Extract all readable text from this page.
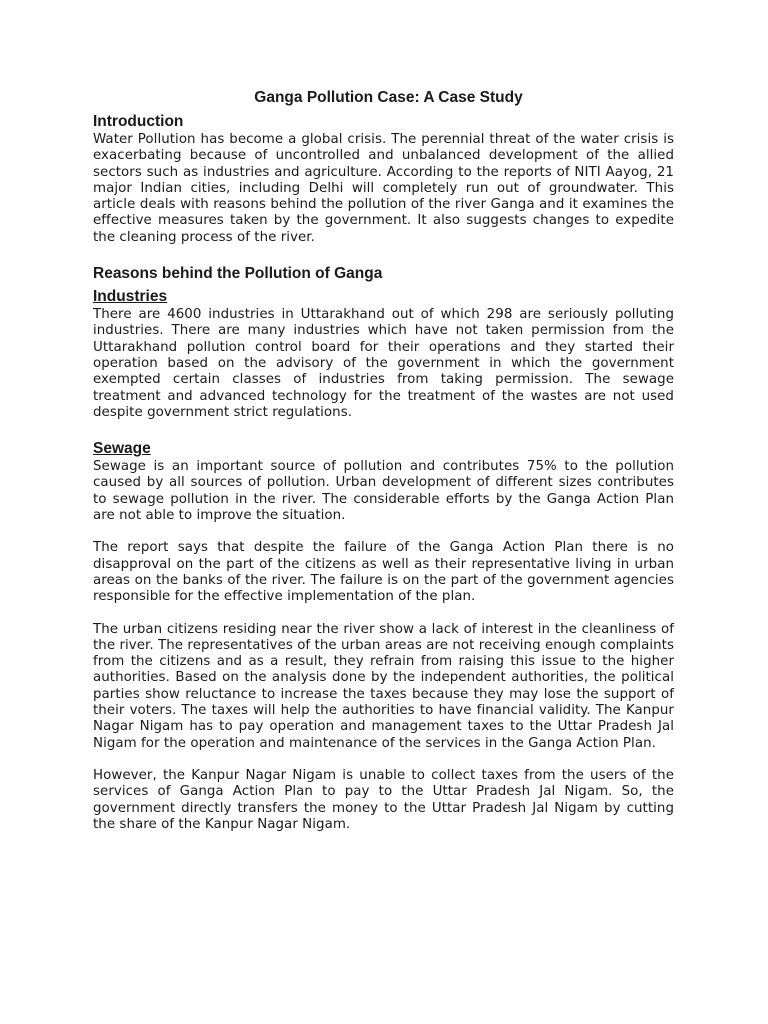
Ganga Pollution Case: A Case Study
Introduction

Water Pollution has become a global crisis. The perennial threat of the water crisis is exacerbating because of uncontrolled and unbalanced development of the allied sectors such as industries and agriculture. According to the reports of NITI Aayog, 21 major Indian cities, including Delhi will completely run out of groundwater. This article deals with reasons behind the pollution of the river Ganga and it examines the effective measures taken by the government. It also suggests changes to expedite the cleaning process of the river.

Reasons behind the Pollution of Ganga
Industries

There are 4600 industries in Uttarakhand out of which 298 are seriously polluting industries. There are many industries which have not taken permission from the Uttarakhand pollution control board for their operations and they started their operation based on the advisory of the government in which the government exempted certain classes of industries from taking permission. The sewage treatment and advanced technology for the treatment of the wastes are not used despite government strict regulations.

Sewage

Sewage is an important source of pollution and contributes 75% to the pollution caused by all sources of pollution. Urban development of different sizes contributes to sewage pollution in the river. The considerable efforts by the Ganga Action Plan are not able to improve the situation.

The report says that despite the failure of the Ganga Action Plan there is no disapproval on the part of the citizens as well as their representative living in urban areas on the banks of the river. The failure is on the part of the government agencies responsible for the effective implementation of the plan.

The urban citizens residing near the river show a lack of interest in the cleanliness of the river. The representatives of the urban areas are not receiving enough complaints from the citizens and as a result, they refrain from raising this issue to the higher authorities. Based on the analysis done by the independent authorities, the political parties show reluctance to increase the taxes because they may lose the support of their voters. The taxes will help the authorities to have financial validity. The Kanpur Nagar Nigam has to pay operation and management taxes to the Uttar Pradesh Jal Nigam for the operation and maintenance of the services in the Ganga Action Plan.

However, the Kanpur Nagar Nigam is unable to collect taxes from the users of the services of Ganga Action Plan to pay to the Uttar Pradesh Jal Nigam. So, the government directly transfers the money to the Uttar Pradesh Jal Nigam by cutting the share of the Kanpur Nagar Nigam.
